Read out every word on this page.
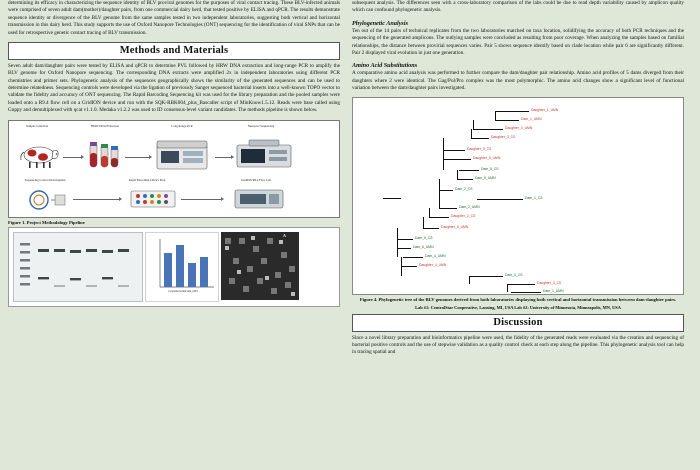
determining its efficacy in characterizing the sequence identity of BLV proviral genomes for the purposes of viral contact tracing. These BLV-infected animals were comprised of seven adult dam(mother)/daughter pairs, from one commercial dairy herd, that tested positive by ELISA and qPCR. The results demonstrate sequence identity or divergence of the BLV genome from the same samples tested in two independent laboratories, suggesting both vertical and horizontal transmission in this dairy herd. This study supports the use of Oxford Nanopore Technologies (ONT) sequencing for the identification of viral SNPs that can be used for retrospective genetic contact tracing of BLV transmission.

Methods and Materials

Seven adult dam/daughter pairs were tested by ELISA and qPCR to determine PVL followed by HRW DNA extraction and long-range PCR to amplify the BLV genome for Oxford Nanopore sequencing. The corresponding DNA extracts were amplified 2x in independent laboratories using different PCR chemistries and primer sets. Phylogenetic analysis of the sequences geographically shows the similarity of the generated sequences and can be used to determine relatedness. Sequencing controls were developed via the ligation of previously Sanger sequenced bacterial inserts into a well-known TOPO vector to validate the fidelity and accuracy of ONT sequencing. The Rapid Barcoding Sequencing kit was used for the library preparation and the pooled samples were loaded onto a R9.4 flow cell on a GridION device and run with the SQK-RBK004_plus_Bascaller script of MinKnow1.5.12. Reads were base called using Guppy and demultiplexed with qcat v1.1.0. Medaka v1.2.2 was used to ID consensus-level variant candidates. The methods pipeline is shown below.

Sample Collection	HMW DNA Extraction	Long Range PCR	Nanopore Sequencing
Sequencing Control Development	Rapid Barcoding Library Prep	GridION R9.4 Flow Cell
Figure 1. Project Methodology Pipeline
Corynebacterium tank_ONT
A

subsequent analysis. The differences seen with a cross-laboratory comparison of the labs could be due to read depth variability caused by amplicon quality which can confound phylogenetic analysis.

Phylogenetic Analysis

Ten out of the 14 pairs of technical replicates from the two laboratories matched on taxa location, solidifying the accuracy of both PCR techniques and the sequencing of the generated amplicons. The outlying samples were concluded as resulting from poor coverage. When analyzing the samples based on familial relationships, the distance between provirial sequences varies. Pair 5 shows sequence identify based on clade location while pair 6 are significantly different. Pair 2 displayed viral evolution in just one generation.

Amino Acid Substitutions

A comparative amino acid analysis was performed to further compare the dam/daughter pair relationship. Amino acid profiles of 5 dams diverged from their daughters where 2 were identical. The Gag/Pol/Pro complex was the most polymorphic. The amino acid changes show a significant level of functional variation between the dam/daughter pairs investigated.

Daughter_1_UMN
Dam_1_UMN
Daughter_3_UMN
Daughter_3_CS
Daughter_5_CS
Daughter_5_UMN
Dam_5_CS
Dam_5_UMN
Dam_2_CS
Dam_1_CS
Dam_2_UMN
Daughter_2_CS
Daughter_6_UMN
Dam_6_CS
Dam_6_UMN
Dam_4_UMN
Daughter_4_UMN
Dam_3_CS
Daughter_3_CS
Dam_1_UMN
Figure 4. Phylogenetic tree of the BLV genomes derived from both laboratories displaying both vertical and horizontal transmission between dam-daughter pairs.
Lab #1: CentralStar Cooperative, Lansing, MI, USA Lab #2: University of Minnesota, Minneapolis, MN, USA
Discussion

Since a novel library preparation and bioinformatics pipeline were used, the fidelity of the generated reads were evaluated via the creation and sequencing of bacterial positive controls and the use of stepwise validation as a quality control check at each step along the pipeline. This phylogenetic analysis tool can help in tracing spatial and
